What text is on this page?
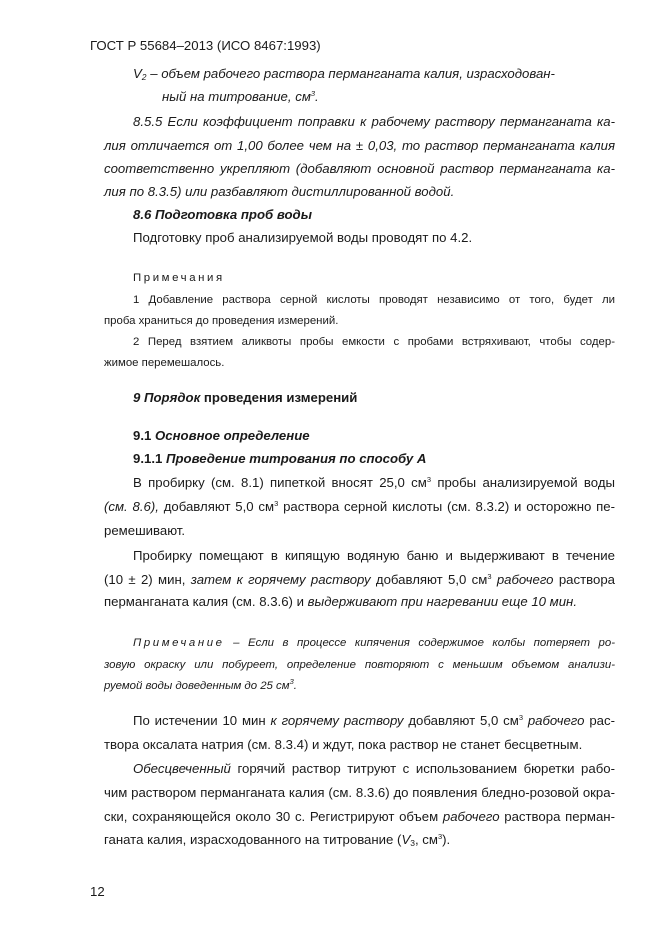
ГОСТ Р 55684–2013 (ИСО 8467:1993)
$V_2$ – объем рабочего раствора перманганата калия, израсходован-
ный на титрование, $см^3$.
8.5.5 Если коэффициент поправки к рабочему раствору перманганата ка-
лия отличается от 1,00 более чем на ± 0,03, то раствор перманганата калия
соответственно укрепляют (добавляют основной раствор перманганата ка-
лия по 8.3.5) или разбавляют дистиллированной водой.
8.6 Подготовка проб воды
Подготовку проб анализируемой воды проводят по 4.2.
Примечания
1 Добавление раствора серной кислоты проводят независимо от того, будет ли
проба храниться до проведения измерений.
2 Перед взятием аликвоты пробы емкости с пробами встряхивают, чтобы содер-
жимое перемешалось.
9 Порядок проведения измерений
9.1 Основное определение
9.1.1 Проведение титрования по способу А
В пробирку (см. 8.1) пипеткой вносят 25,0 $см^3$ пробы анализируемой воды
(см. 8.6), добавляют 5,0 $см^3$ раствора серной кислоты (см. 8.3.2) и осторожно пе-
ремешивают.
Пробирку помещают в кипящую водяную баню и выдерживают в течение
(10 ± 2) мин, затем к горячему раствору добавляют 5,0 $см^3$ рабочего раствора
перманганата калия (см. 8.3.6) и выдерживают при нагревании еще 10 мин.
Примечание – Если в процессе кипячения содержимое колбы потеряет ро-
зовую окраску или побуреет, определение повторяют с меньшим объемом анализи-
руемой воды доведенным до 25 $см^3$.
По истечении 10 мин к горячему раствору добавляют 5,0 $см^3$ рабочего рас-
твора оксалата натрия (см. 8.3.4) и ждут, пока раствор не станет бесцветным.
Обесцвеченный горячий раствор титруют с использованием бюретки рабо-
чим раствором перманганата калия (см. 8.3.6) до появления бледно-розовой окра-
ски, сохраняющейся около 30 с. Регистрируют объем рабочего раствора перман-
ганата калия, израсходованного на титрование ($V_3$, $см^3$).
12
